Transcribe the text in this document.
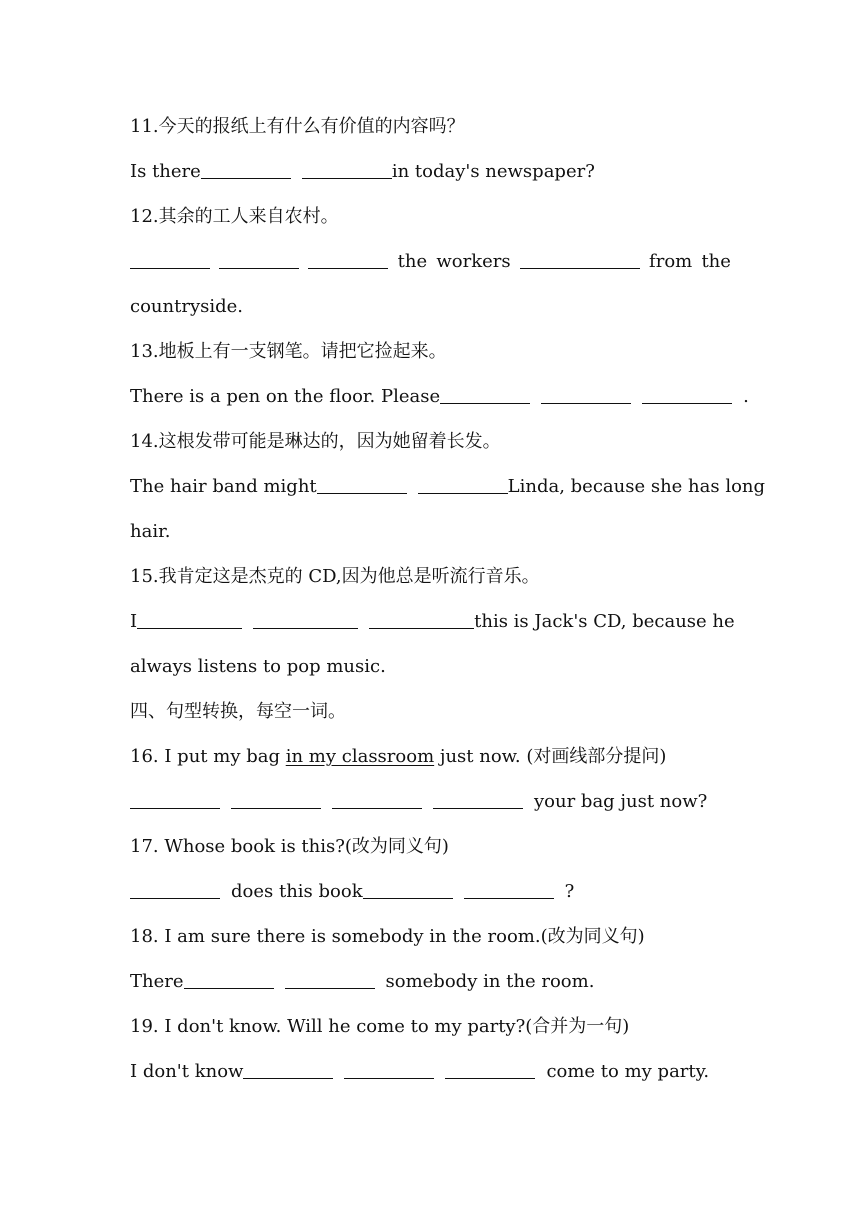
11.今天的报纸上有什么有价值的内容吗？
Is there	in today's newspaper?
12.其余的工人来自农村。
the workers	from the
countryside.
13.地板上有一支钢笔。请把它捡起来。
There is a pen on the floor. Please	.
14.这根发带可能是琳达的，因为她留着长发。
The hair band might	Linda, because she has long
hair.
15.我肯定这是杰克的 CD,因为他总是听流行音乐。
I	this is Jack's CD, because he
always listens to pop music.
四、句型转换，每空一词。
16. I put my bag in my classroom just now. (对画线部分提问)
your bag just now?
17. Whose book is this?(改为同义句)
does this book	?
18. I am sure there is somebody in the room.(改为同义句)
There	somebody in the room.
19. I don't know. Will he come to my party?(合并为一句)
I don't know	come to my party.
